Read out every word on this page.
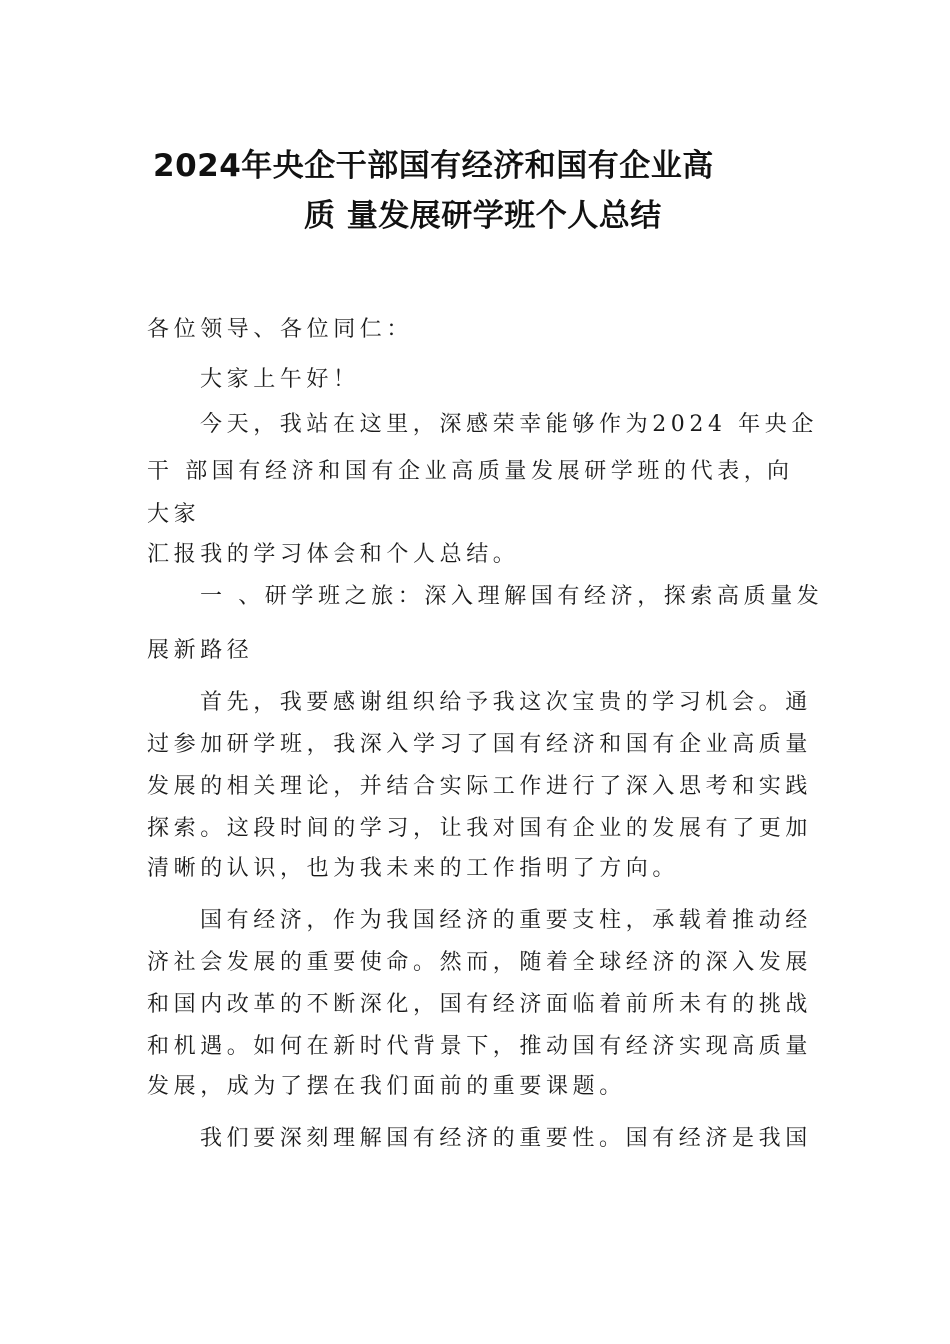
2024年央企干部国有经济和国有企业高
质 量发展研学班个人总结
各位领导、各位同仁：
大家上午好！
今天，我站在这里，深感荣幸能够作为2024 年央企
干 部国有经济和国有企业高质量发展研学班的代表，
向
大家
汇报我的学习体会和个人总结。
一 、研学班之旅：深入理解国有经济，探索高质量发
展新路径
首先，我要感谢组织给予我这次宝贵的学习机会。通
过参加研学班，我深入学习了国有经济和国有企业高质量
发展的相关理论，并结合实际工作进行了深入思考和实践
探索。这段时间的学习，让我对国有企业的发展有了更加
清晰的认识，也为我未来的工作指明了方向。
国有经济，作为我国经济的重要支柱，承载着推动经
济社会发展的重要使命。然而，随着全球经济的深入发展
和国内改革的不断深化，国有经济面临着前所未有的挑战
和机遇。如何在新时代背景下，推动国有经济实现高质量
发展，成为了摆在我们面前的重要课题。
我们要深刻理解国有经济的重要性。国有经济是我国
